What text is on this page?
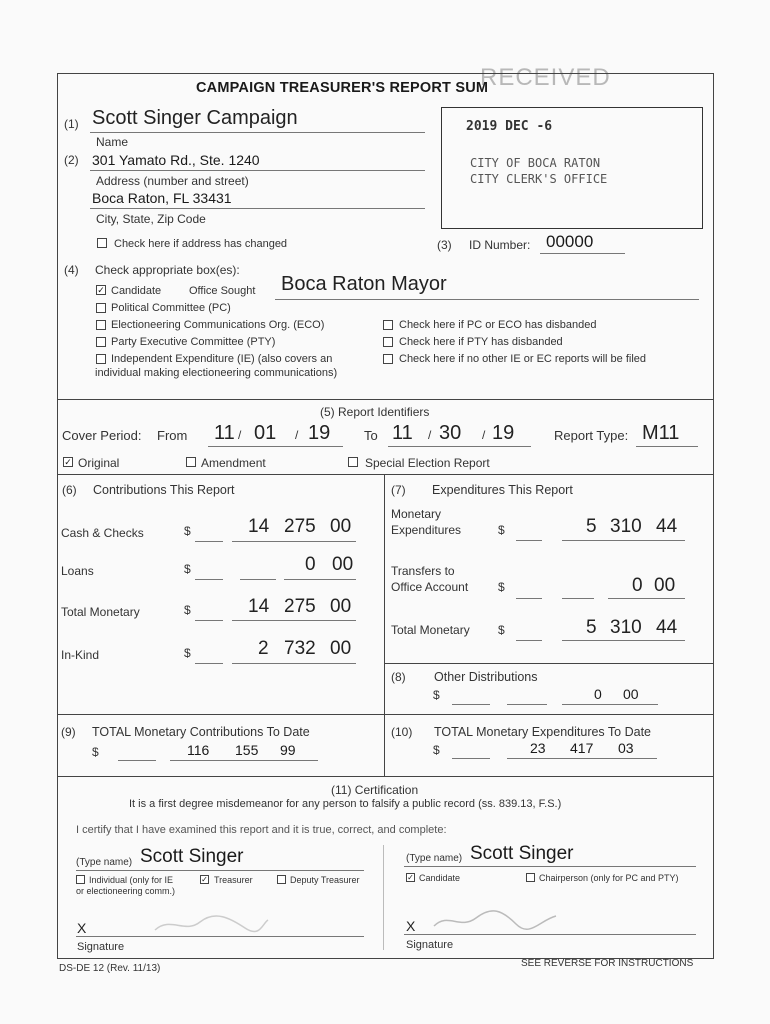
CAMPAIGN TREASURER'S REPORT SUM
RECEIVED
2019 DEC -6
CITY OF BOCA RATON
CITY CLERK'S OFFICE
(1) Scott Singer Campaign
Name
(2) 301 Yamato Rd., Ste. 1240
Address (number and street)
Boca Raton, FL 33431
City, State, Zip Code
Check here if address has changed	(3) ID Number: 00000
(4) Check appropriate box(es):
✓ Candidate	Office Sought Boca Raton Mayor
Political Committee (PC)
Electioneering Communications Org. (ECO)
Party Executive Committee (PTY)
Independent Expenditure (IE) (also covers an
individual making electioneering communications)
Check here if PC or ECO has disbanded
Check here if PTY has disbanded
Check here if no other IE or EC reports will be filed
(5) Report Identifiers
Cover Period: From 11 / 01 / 19	To 11 / 30 / 19	Report Type: M11
✓ Original	Amendment	Special Election Report
(6) Contributions This Report
Cash & Checks	$	14 275 00
Loans	$	0 00
Total Monetary	$	14 275 00
In-Kind	$	2 732 00
(7) Expenditures This Report
Monetary
Expenditures	$	5 310 44
Transfers to
Office Account $	0 00
Total Monetary $	5 310 44
(8) Other Distributions
$	0 00
(9) TOTAL Monetary Contributions To Date
$	116 155 99
(10) TOTAL Monetary Expenditures To Date
$	23 417 03
(11) Certification
It is a first degree misdemeanor for any person to falsify a public record (ss. 839.13, F.S.)
I certify that I have examined this report and it is true, correct, and complete:
(Type name) Scott Singer
Individual (only for IE
or electioneering comm.)
✓ Treasurer	Deputy Treasurer
(Type name) Scott Singer
✓ Candidate	Chairperson (only for PC and PTY)
X
Signature
X
Signature
DS-DE 12 (Rev. 11/13)	SEE REVERSE FOR INSTRUCTIONS
